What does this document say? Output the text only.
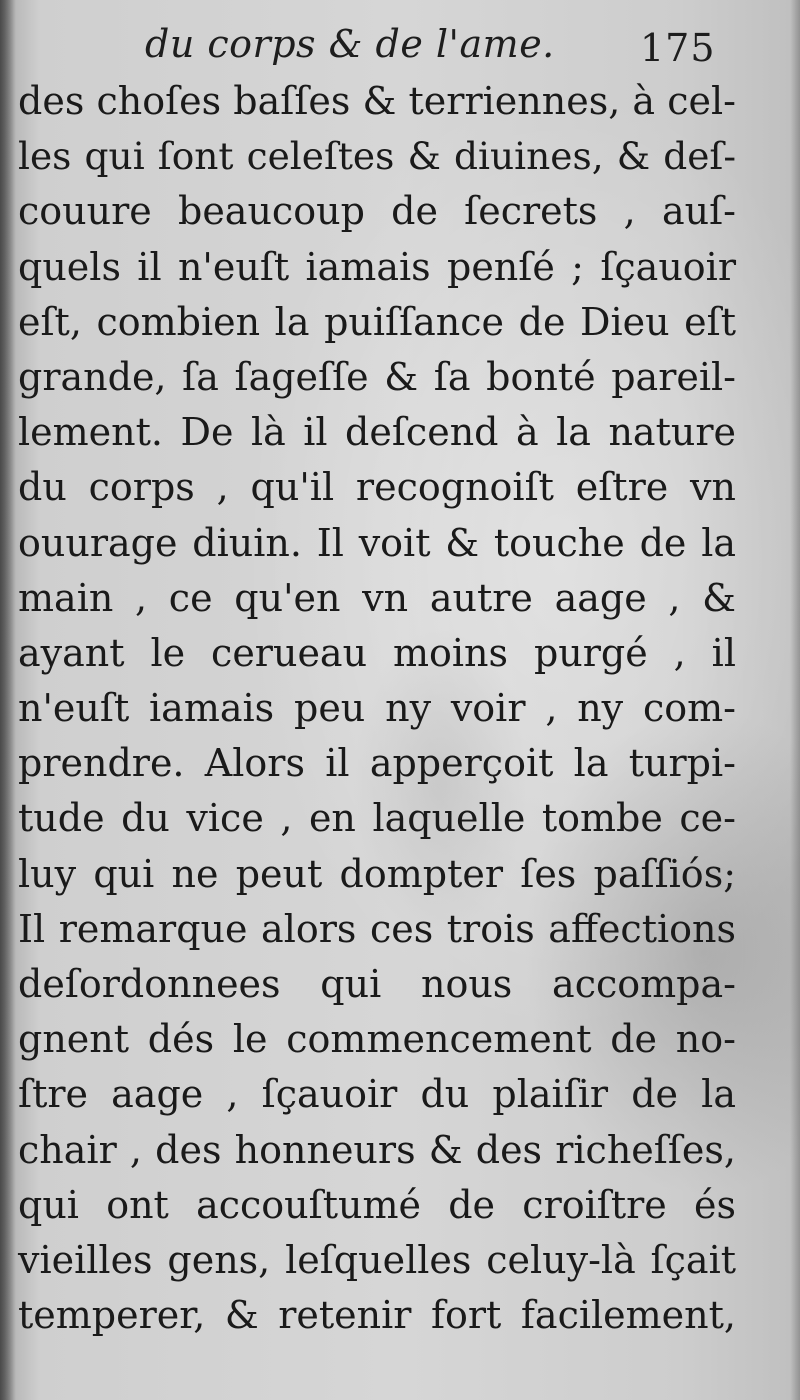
du corps & de l'ame. 175
des choſes baſſes & terriennes, à cel-
les qui ſont celeſtes & diuines, & deſ-
couure beaucoup de ſecrets , auſ-
quels il n'euſt iamais penſé ; ſçauoir
eſt, combien la puiſſance de Dieu eſt
grande, ſa ſageſſe & ſa bonté pareil-
lement. De là il deſcend à la nature
du corps , qu'il recognoiſt eſtre vn
ouurage diuin. Il voit & touche de la
main , ce qu'en vn autre aage , &
ayant le cerueau moins purgé , il
n'euſt iamais peu ny voir , ny com-
prendre. Alors il apperçoit la turpi-
tude du vice , en laquelle tombe ce-
luy qui ne peut dompter ſes paſſiós;
Il remarque alors ces trois affections
deſordonnees qui nous accompa-
gnent dés le commencement de no-
ſtre aage , ſçauoir du plaiſir de la
chair , des honneurs & des richeſſes,
qui ont accouſtumé de croiſtre és
vieilles gens, leſquelles celuy-là ſçait
temperer, & retenir fort facilement,
